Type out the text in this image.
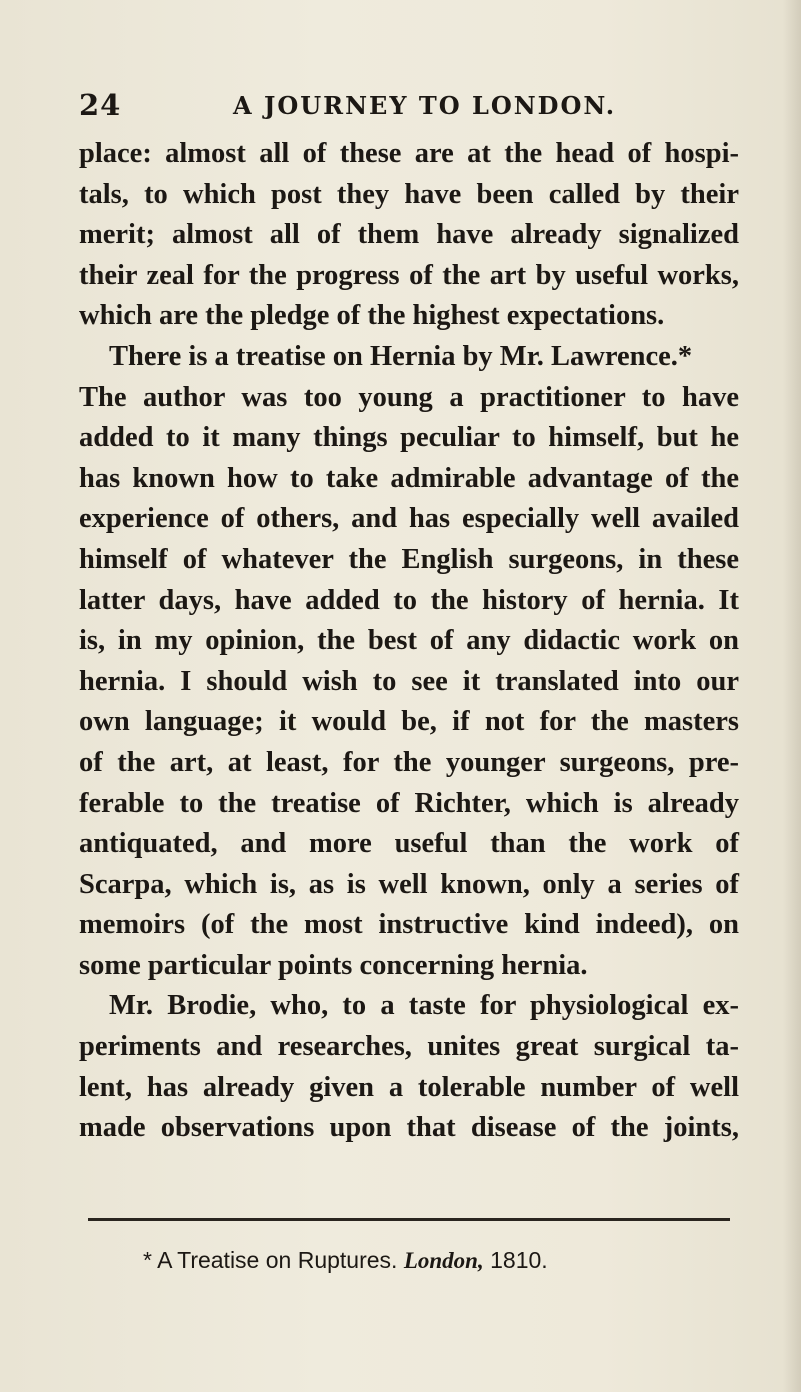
24	A JOURNEY TO LONDON.
place: almost all of these are at the head of hospi-
tals, to which post they have been called by their
merit; almost all of them have already signalized
their zeal for the progress of the art by useful works,
which are the pledge of the highest expectations.
There is a treatise on Hernia by Mr. Lawrence.*
The author was too young a practitioner to have
added to it many things peculiar to himself, but he
has known how to take admirable advantage of the
experience of others, and has especially well availed
himself of whatever the English surgeons, in these
latter days, have added to the history of hernia. It
is, in my opinion, the best of any didactic work on
hernia. I should wish to see it translated into our
own language; it would be, if not for the masters
of the art, at least, for the younger surgeons, pre-
ferable to the treatise of Richter, which is already
antiquated, and more useful than the work of
Scarpa, which is, as is well known, only a series of
memoirs (of the most instructive kind indeed), on
some particular points concerning hernia.
Mr. Brodie, who, to a taste for physiological ex-
periments and researches, unites great surgical ta-
lent, has already given a tolerable number of well
made observations upon that disease of the joints,
* A Treatise on Ruptures. London, 1810.
